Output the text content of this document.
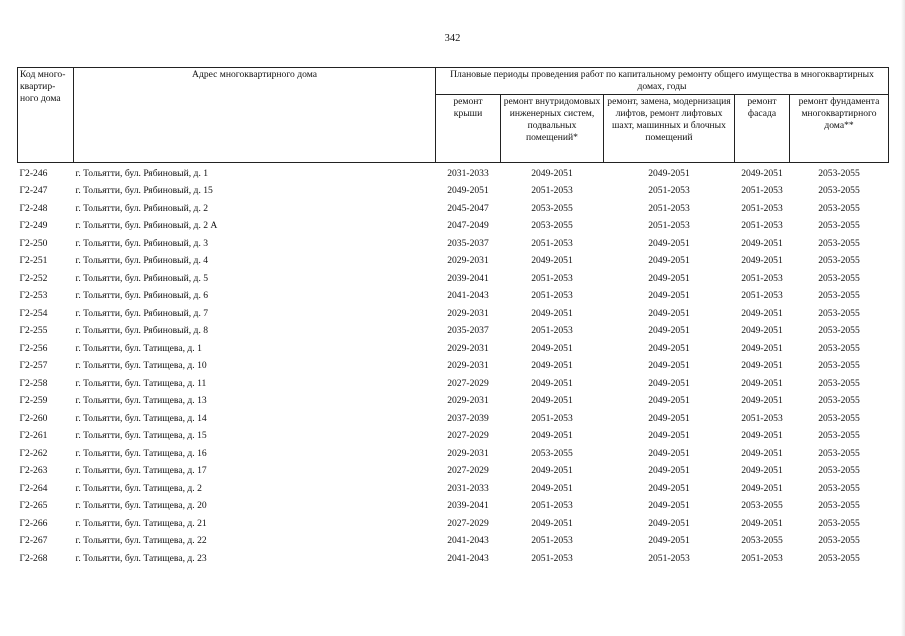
342
Код много-квартир-ного дома	Адрес многоквартирного дома	Плановые периоды проведения работ по капитальному ремонту общего имущества в многоквартирных домах, годы				
		ремонт крыши	ремонт внутридомовых инженерных систем, подвальных помещений*	ремонт, замена, модернизация лифтов, ремонт лифтовых шахт, машинных и блочных помещений	ремонт фасада	ремонт фундамента многоквартирного дома**
Г2-246	г. Тольятти, бул. Рябиновый, д. 1	2031-2033	2049-2051	2049-2051	2049-2051	2053-2055
Г2-247	г. Тольятти, бул. Рябиновый, д. 15	2049-2051	2051-2053	2051-2053	2051-2053	2053-2055
Г2-248	г. Тольятти, бул. Рябиновый, д. 2	2045-2047	2053-2055	2051-2053	2051-2053	2053-2055
Г2-249	г. Тольятти, бул. Рябиновый, д. 2 А	2047-2049	2053-2055	2051-2053	2051-2053	2053-2055
Г2-250	г. Тольятти, бул. Рябиновый, д. 3	2035-2037	2051-2053	2049-2051	2049-2051	2053-2055
Г2-251	г. Тольятти, бул. Рябиновый, д. 4	2029-2031	2049-2051	2049-2051	2049-2051	2053-2055
Г2-252	г. Тольятти, бул. Рябиновый, д. 5	2039-2041	2051-2053	2049-2051	2051-2053	2053-2055
Г2-253	г. Тольятти, бул. Рябиновый, д. 6	2041-2043	2051-2053	2049-2051	2051-2053	2053-2055
Г2-254	г. Тольятти, бул. Рябиновый, д. 7	2029-2031	2049-2051	2049-2051	2049-2051	2053-2055
Г2-255	г. Тольятти, бул. Рябиновый, д. 8	2035-2037	2051-2053	2049-2051	2049-2051	2053-2055
Г2-256	г. Тольятти, бул. Татищева, д. 1	2029-2031	2049-2051	2049-2051	2049-2051	2053-2055
Г2-257	г. Тольятти, бул. Татищева, д. 10	2029-2031	2049-2051	2049-2051	2049-2051	2053-2055
Г2-258	г. Тольятти, бул. Татищева, д. 11	2027-2029	2049-2051	2049-2051	2049-2051	2053-2055
Г2-259	г. Тольятти, бул. Татищева, д. 13	2029-2031	2049-2051	2049-2051	2049-2051	2053-2055
Г2-260	г. Тольятти, бул. Татищева, д. 14	2037-2039	2051-2053	2049-2051	2051-2053	2053-2055
Г2-261	г. Тольятти, бул. Татищева, д. 15	2027-2029	2049-2051	2049-2051	2049-2051	2053-2055
Г2-262	г. Тольятти, бул. Татищева, д. 16	2029-2031	2053-2055	2049-2051	2049-2051	2053-2055
Г2-263	г. Тольятти, бул. Татищева, д. 17	2027-2029	2049-2051	2049-2051	2049-2051	2053-2055
Г2-264	г. Тольятти, бул. Татищева, д. 2	2031-2033	2049-2051	2049-2051	2049-2051	2053-2055
Г2-265	г. Тольятти, бул. Татищева, д. 20	2039-2041	2051-2053	2049-2051	2053-2055	2053-2055
Г2-266	г. Тольятти, бул. Татищева, д. 21	2027-2029	2049-2051	2049-2051	2049-2051	2053-2055
Г2-267	г. Тольятти, бул. Татищева, д. 22	2041-2043	2051-2053	2049-2051	2053-2055	2053-2055
Г2-268	г. Тольятти, бул. Татищева, д. 23	2041-2043	2051-2053	2051-2053	2051-2053	2053-2055
